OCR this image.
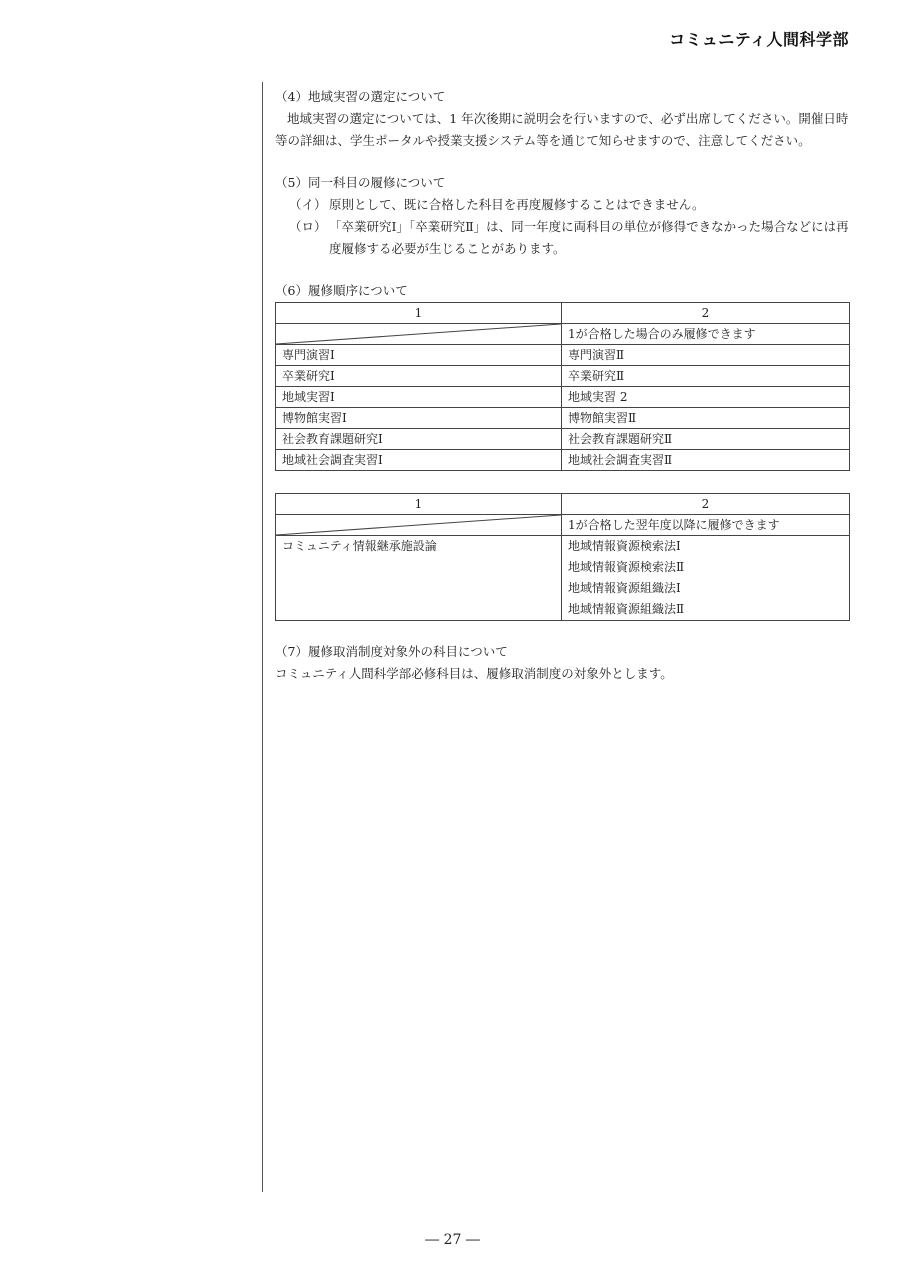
コミュニティ人間科学部

（4）地域実習の選定について

地域実習の選定については、1 年次後期に説明会を行いますので、必ず出席してください。開催日時等の詳細は、学生ポータルや授業支援システム等を通じて知らせますので、注意してください。

（5）同一科目の履修について

（イ） 原則として、既に合格した科目を再度履修することはできません。
（ロ） 「卒業研究Ⅰ」「卒業研究Ⅱ」は、同一年度に両科目の単位が修得できなかった場合などには再度履修する必要が生じることがあります。

（6）履修順序について

1	2

	1が合格した場合のみ履修できます
専門演習Ⅰ	専門演習Ⅱ
卒業研究Ⅰ	卒業研究Ⅱ
地域実習Ⅰ	地域実習 2
博物館実習Ⅰ	博物館実習Ⅱ
社会教育課題研究Ⅰ	社会教育課題研究Ⅱ
地域社会調査実習Ⅰ	地域社会調査実習Ⅱ
1	2

	1が合格した翌年度以降に履修できます
コミュニティ情報継承施設論	地域情報資源検索法Ⅰ
地域情報資源検索法Ⅱ
地域情報資源組織法Ⅰ
地域情報資源組織法Ⅱ

（7）履修取消制度対象外の科目について

コミュニティ人間科学部必修科目は、履修取消制度の対象外とします。

― 27 ―
